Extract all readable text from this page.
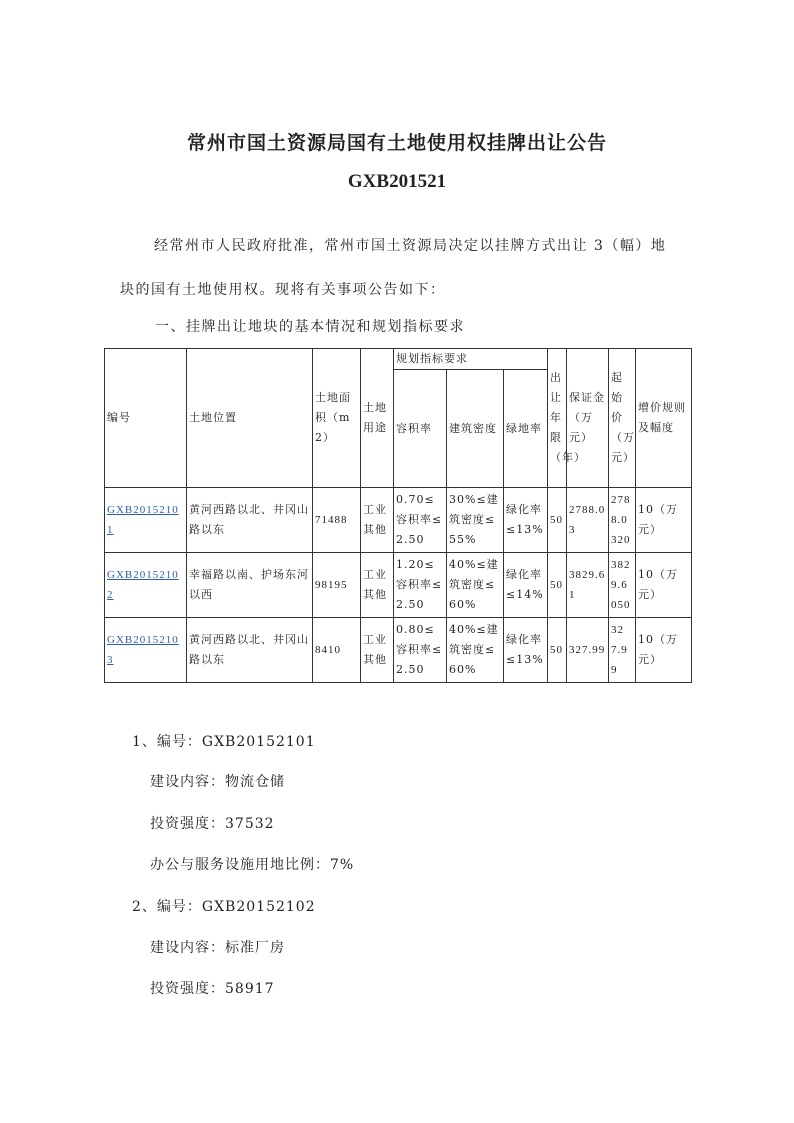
常州市国土资源局国有土地使用权挂牌出让公告
GXB201521
经常州市人民政府批准，常州市国土资源局决定以挂牌方式出让 3（幅）地块的国有土地使用权。现将有关事项公告如下：
一、挂牌出让地块的基本情况和规划指标要求
编号	土地位置	土地面积（m2）	土地用途	规划指标要求			出让年限（年）	保证金（万元）	起始价（万元）	增价规则及幅度
				容积率	建筑密度	绿地率				
GXB20152101	黄河西路以北、井冈山路以东	71488	工业其他	0.70≤容积率≤2.50	30%≤建筑密度≤55%	绿化率≤13%	50	2788.03	2788.0320	10（万元）
GXB20152102	幸福路以南、护场东河以西	98195	工业其他	1.20≤容积率≤2.50	40%≤建筑密度≤60%	绿化率≤14%	50	3829.61	3829.6050	10（万元）
GXB20152103	黄河西路以北、井冈山路以东	8410	工业其他	0.80≤容积率≤2.50	40%≤建筑密度≤60%	绿化率≤13%	50	327.99	327.99	10（万元）
1、编号：GXB20152101
建设内容：物流仓储
投资强度：37532
办公与服务设施用地比例：7%
2、编号：GXB20152102
建设内容：标准厂房
投资强度：58917
